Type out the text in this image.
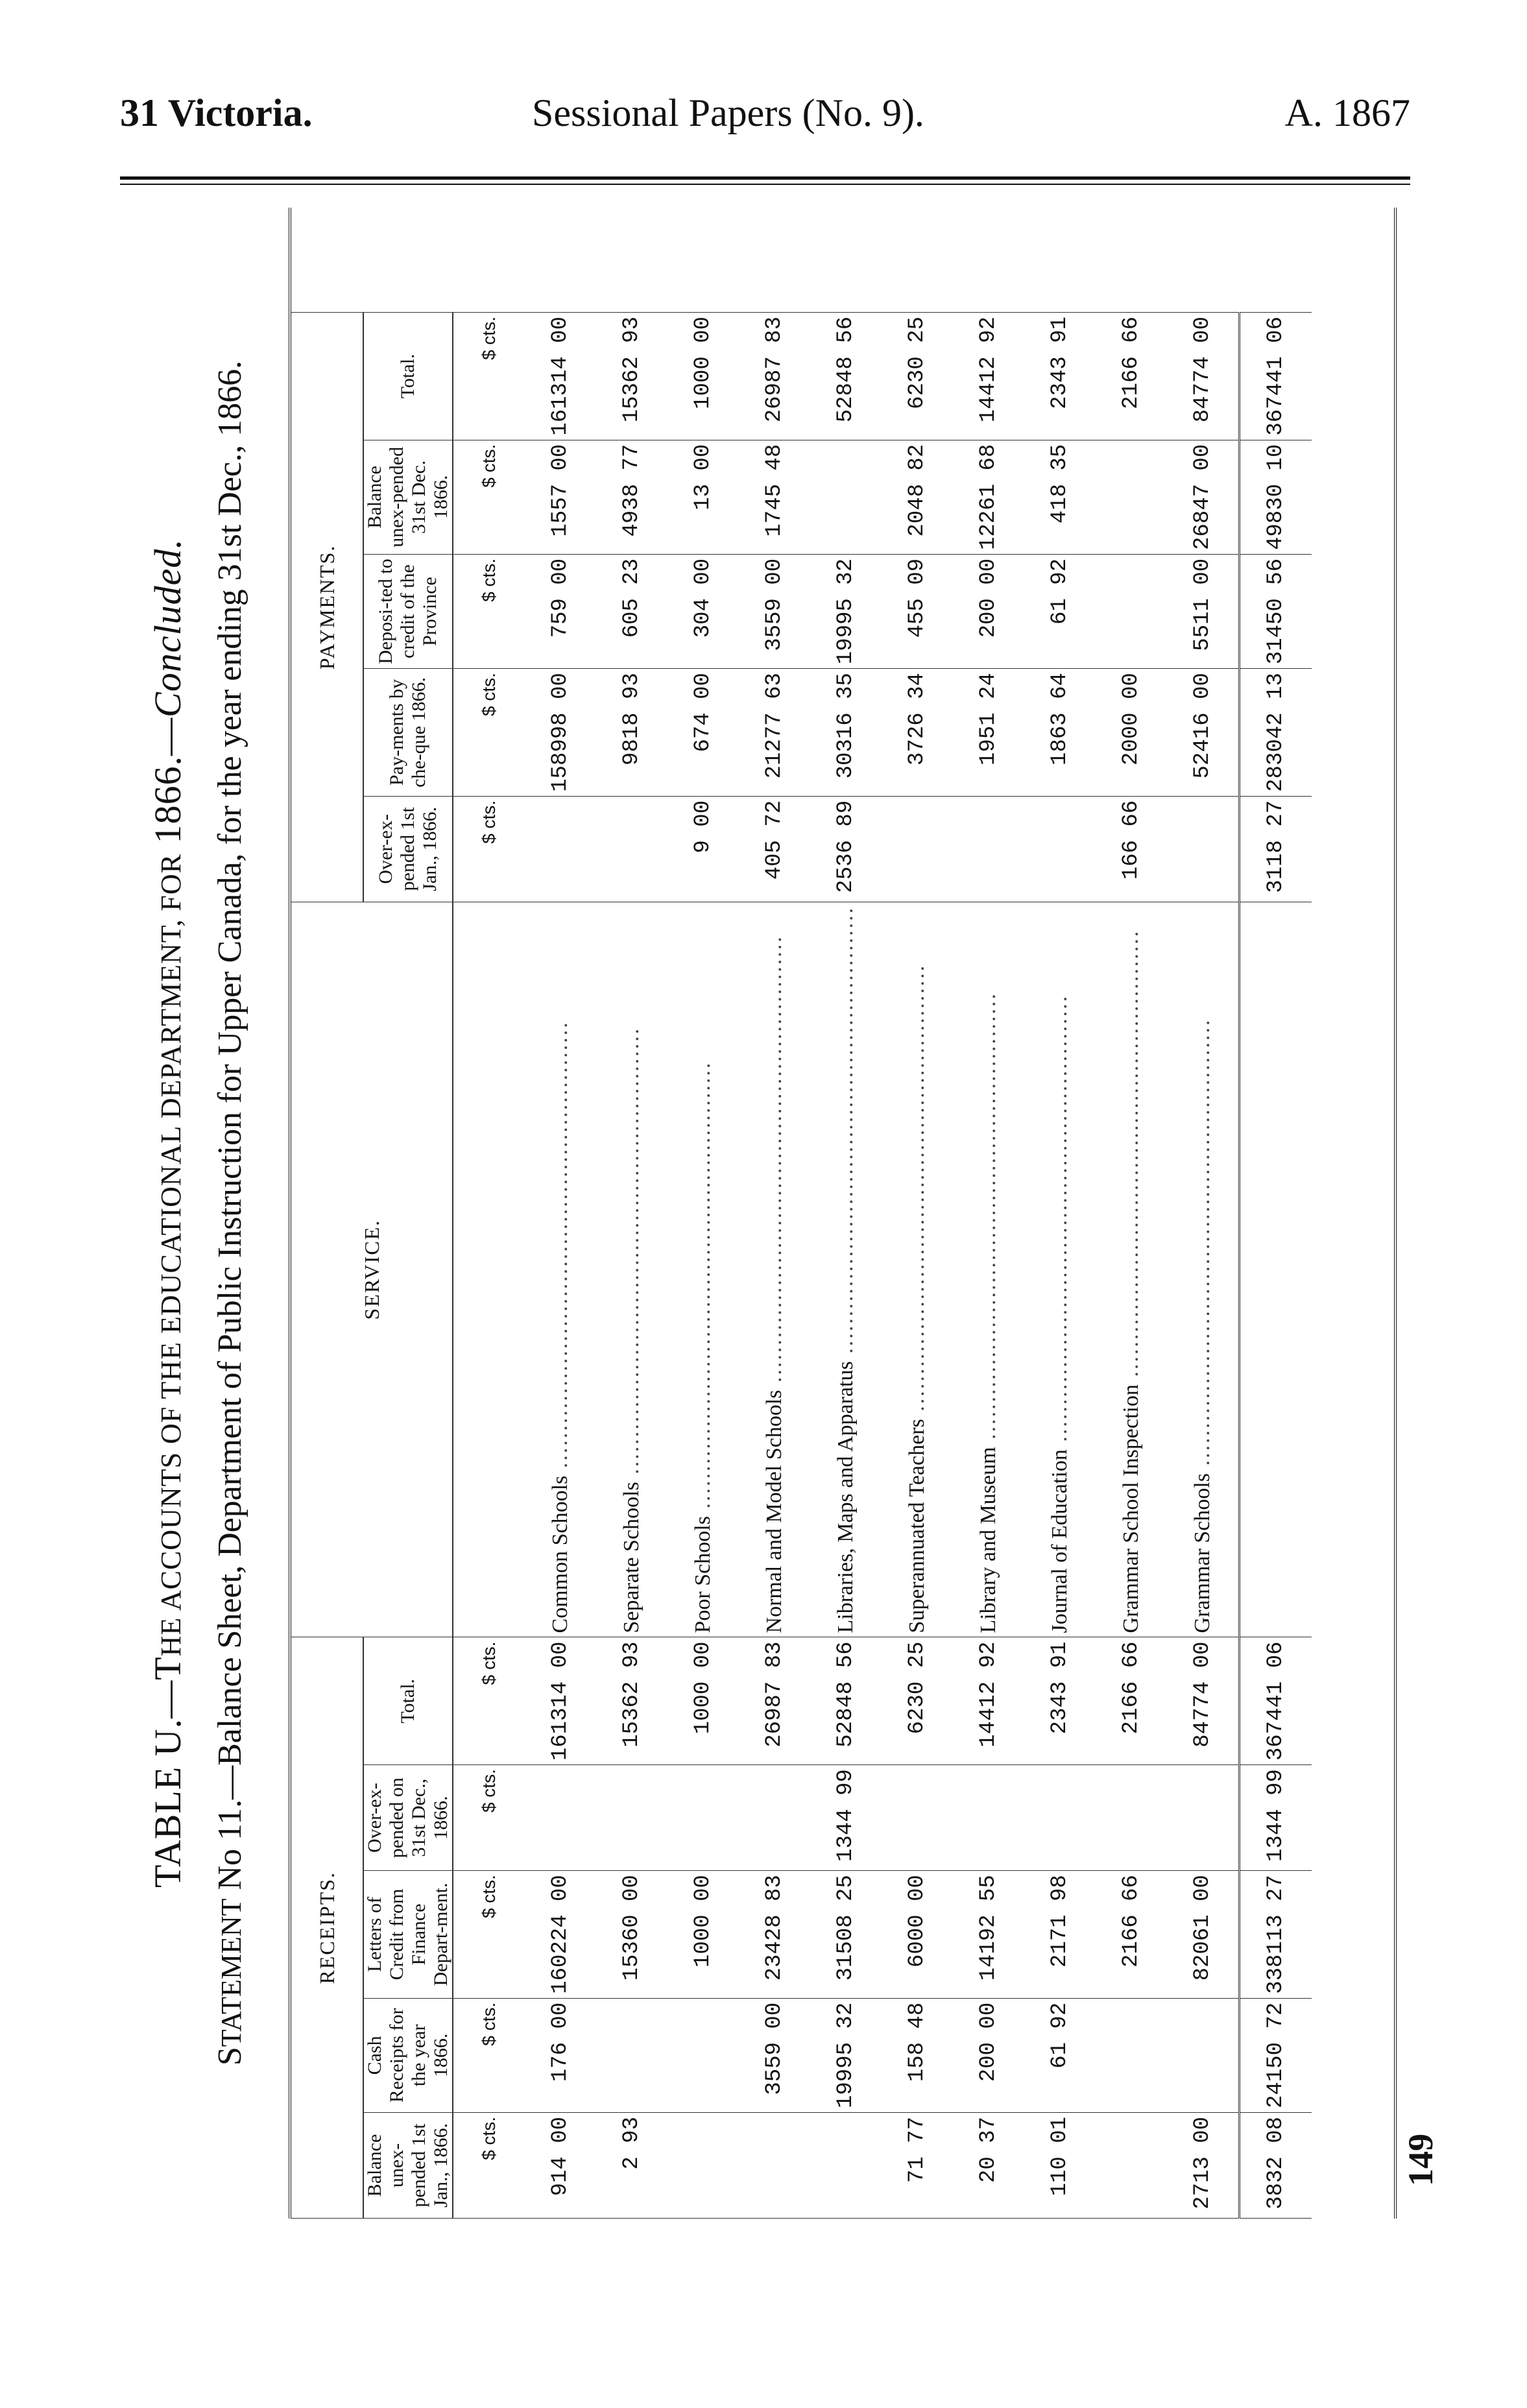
31 Victoria.	Sessional Papers (No. 9).	A. 1867
TABLE U.—THE ACCOUNTS OF THE EDUCATIONAL DEPARTMENT, FOR 1866.—Concluded.
STATEMENT No 11.—Balance Sheet, Department of Public Instruction for Upper Canada, for the year ending 31st Dec., 1866.
RECEIPTS.					SERVICE.	PAYMENTS.				
Balance unex-pended 1st Jan., 1866.	Cash Receipts for the year 1866.	Letters of Credit from Finance Depart-ment.	Over-ex-pended on 31st Dec., 1866.	Total.		Over-ex-pended 1st Jan., 1866.	Pay-ments by che-que 1866.	Deposi-ted to credit of the Province	Balance unex-pended 31st Dec. 1866.	Total.
$ cts.	$ cts.	$ cts.	$ cts.	$ cts.		$ cts.	$ cts.	$ cts.	$ cts.	$ cts.
914 00	176 00	160224 00		161314 00	Common Schools ............................................................		158998 00	759 00	1557 00	161314 00
2 93		15360 00		15362 93	Separate Schools ............................................................		9818 93	605 23	4938 77	15362 93
		1000 00		1000 00	Poor Schools ............................................................	9 00	674 00	304 00	13 00	1000 00
	3559 00	23428 83		26987 83	Normal and Model Schools ............................................................	405 72	21277 63	3559 00	1745 48	26987 83
	19995 32	31508 25	1344 99	52848 56	Libraries, Maps and Apparatus ............................................................	2536 89	30316 35	19995 32		52848 56
71 77	158 48	6000 00		6230 25	Superannuated Teachers ............................................................		3726 34	455 09	2048 82	6230 25
20 37	200 00	14192 55		14412 92	Library and Museum ............................................................		1951 24	200 00	12261 68	14412 92
110 01	61 92	2171 98		2343 91	Journal of Education ............................................................		1863 64	61 92	418 35	2343 91
		2166 66		2166 66	Grammar School Inspection ............................................................	166 66	2000 00			2166 66
2713 00		82061 00		84774 00	Grammar Schools ............................................................		52416 00	5511 00	26847 00	84774 00
3832 08	24150 72	338113 27	1344 99	367441 06		3118 27	283042 13	31450 56	49830 10	367441 06
149
